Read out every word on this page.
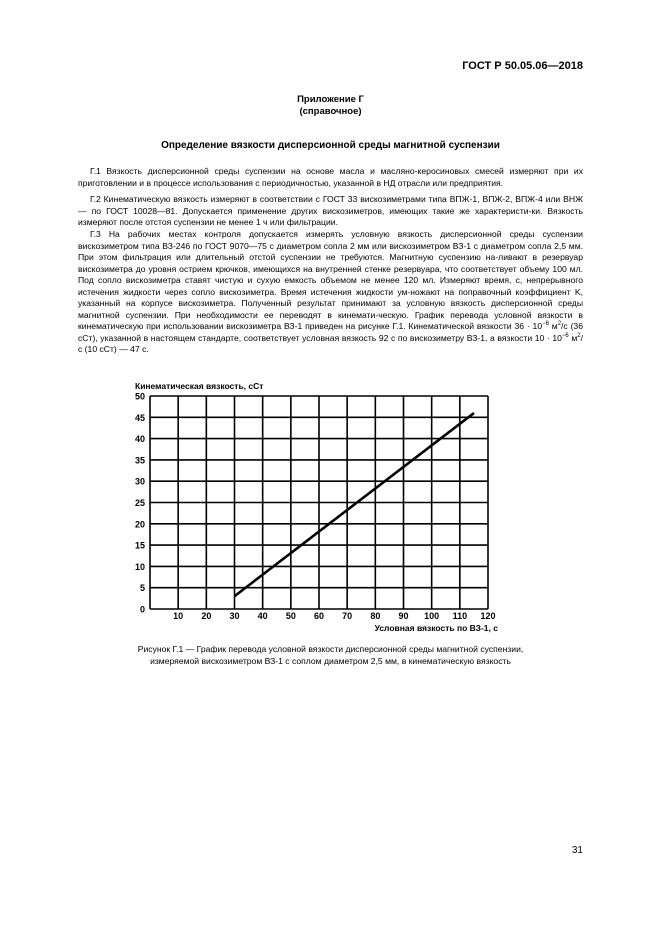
ГОСТ Р 50.05.06—2018
Приложение Г
(справочное)
Определение вязкости дисперсионной среды магнитной суспензии

Г.1 Вязкость дисперсионной среды суспензии на основе масла и масляно-керосиновых смесей измеряют при их приготовлении и в процессе использования с периодичностью, указанной в НД отрасли или предприятия.

Г.2 Кинематическую вязкость измеряют в соответствии с ГОСТ 33 вискозиметрами типа ВПЖ-1, ВПЖ-2, ВПЖ-4 или ВНЖ — по ГОСТ 10028—81. Допускается применение других вискозиметров, имеющих такие же характеристи-ки. Вязкость измеряют после отстоя суспензии не менее 1 ч или фильтрации.

Г.3 На рабочих местах контроля допускается измерять условную вязкость дисперсионной среды суспензии вискозиметром типа ВЗ-246 по ГОСТ 9070—75 с диаметром сопла 2 мм или вискозиметром ВЗ-1 с диаметром сопла 2,5 мм. При этом фильтрация или длительный отстой суспензии не требуются. Магнитную суспензию на-ливают в резервуар вискозиметра до уровня острием крючков, имеющихся на внутренней стенке резервуара, что соответствует объему 100 мл. Под сопло вискозиметра ставят чистую и сухую емкость объемом не менее 120 мл. Измеряют время, с, непрерывного истечения жидкости через сопло вискозиметра. Время истечения жидкости ум-ножают на поправочный коэффициент K, указанный на корпусе вискозиметра. Полученный результат принимают за условную вязкость дисперсионной среды магнитной суспензии. При необходимости ее переводят в кинемати-ческую. График перевода условной вязкости в кинематическую при использовании вискозиметра ВЗ-1 приведен на рисунке Г.1. Кинематической вязкости $36 \cdot 10^{-6}$ $м^2/с$ (36 сСт), указанной в настоящем стандарте, соответствует условная вязкость 92 с по вискозиметру ВЗ-1, а вязкости $10 \cdot 10^{-6}$ $м^2/с$ (10 сСт) — 47 с.

0
5
10
15
20
25
30
35
40
45
50
10 20 30 40 50 60 70 80 90 100 110 120
Кинематическая вязкость, сСт
Условная вязкость по ВЗ-1, с
Рисунок Г.1 — График перевода условной вязкости дисперсионной среды магнитной суспензии,
измеряемой вискозиметром ВЗ-1 с соплом диаметром 2,5 мм, в кинематическую вязкость
31
